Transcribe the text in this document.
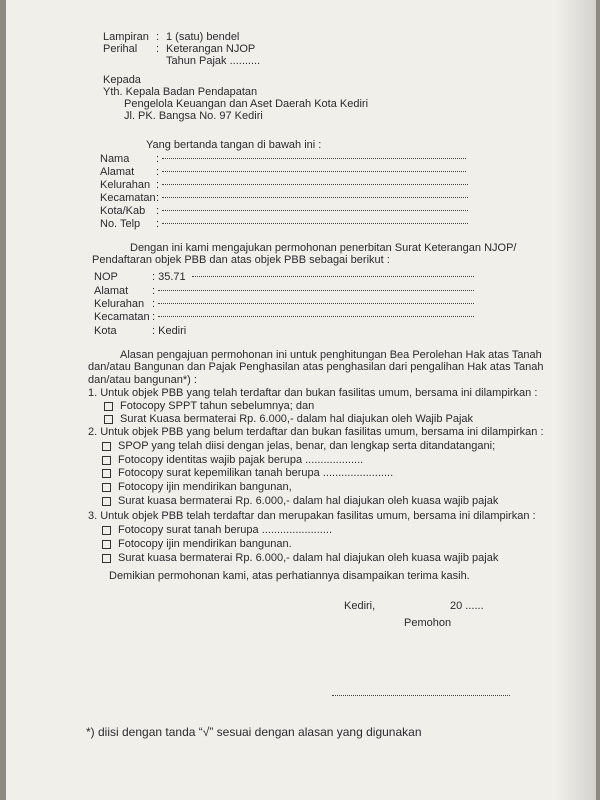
Lampiran : 1 (satu) bendel
Perihal : Keterangan NJOP
Tahun Pajak ..........
Kepada
Yth. Kepala Badan Pendapatan
Pengelola Keuangan dan Aset Daerah Kota Kediri
Jl. PK. Bangsa No. 97 Kediri
Yang bertanda tangan di bawah ini :
Nama :
Alamat :
Kelurahan :
Kecamatan :
Kota/Kab :
No. Telp :
Dengan ini kami mengajukan permohonan penerbitan Surat Keterangan NJOP/
Pendaftaran objek PBB dan atas objek PBB sebagai berikut :
NOP	: 35.71
Alamat :
Kelurahan :
Kecamatan :
Kota	: Kediri
Alasan pengajuan permohonan ini untuk penghitungan Bea Perolehan Hak atas Tanah
dan/atau Bangunan dan Pajak Penghasilan atas penghasilan dari pengalihan Hak atas Tanah
dan/atau bangunan*) :
1. Untuk objek PBB yang telah terdaftar dan bukan fasilitas umum, bersama ini dilampirkan :
Fotocopy SPPT tahun sebelumnya; dan
Surat Kuasa bermaterai Rp. 6.000,- dalam hal diajukan oleh Wajib Pajak
2. Untuk objek PBB yang belum terdaftar dan bukan fasilitas umum, bersama ini dilampirkan :
SPOP yang telah diisi dengan jelas, benar, dan lengkap serta ditandatangani;
Fotocopy identitas wajib pajak berupa ...................
Fotocopy surat kepemilikan tanah berupa .......................
Fotocopy ijin mendirikan bangunan,
Surat kuasa bermaterai Rp. 6.000,- dalam hal diajukan oleh kuasa wajib pajak
3. Untuk objek PBB telah terdaftar dan merupakan fasilitas umum, bersama ini dilampirkan :
Fotocopy surat tanah berupa .......................
Fotocopy ijin mendirikan bangunan.
Surat kuasa bermaterai Rp. 6.000,- dalam hal diajukan oleh kuasa wajib pajak
Demikian permohonan kami, atas perhatiannya disampaikan terima kasih.
Kediri,	20 ......
Pemohon
*) diisi dengan tanda “√” sesuai dengan alasan yang digunakan
